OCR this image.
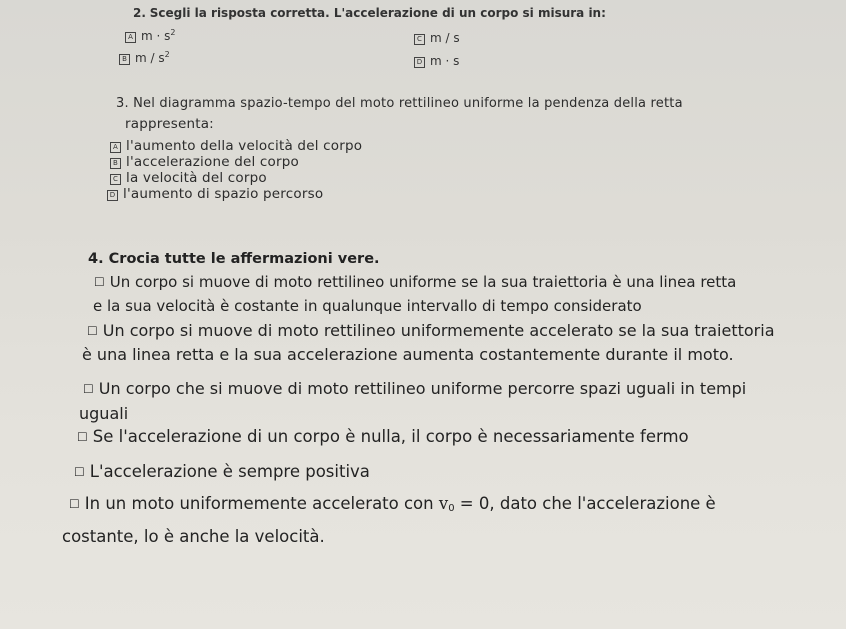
2. Scegli la risposta corretta. L'accelerazione di un corpo si misura in:
A $m \cdot s^2$
C m / s
B m / $s^2$
D m · s
3. Nel diagramma spazio-tempo del moto rettilineo uniforme la pendenza della retta
rappresenta:
A l'aumento della velocità del corpo
B l'accelerazione del corpo
C la velocità del corpo
D l'aumento di spazio percorso
4. Crocia tutte le affermazioni vere.
☐ Un corpo si muove di moto rettilineo uniforme se la sua traiettoria è una linea retta
e la sua velocità è costante in qualunque intervallo di tempo considerato
☐ Un corpo si muove di moto rettilineo uniformemente accelerato se la sua traiettoria
è una linea retta e la sua accelerazione aumenta costantemente durante il moto.
☐ Un corpo che si muove di moto rettilineo uniforme percorre spazi uguali in tempi
uguali
☐ Se l'accelerazione di un corpo è nulla, il corpo è necessariamente fermo
☐ L'accelerazione è sempre positiva
☐ In un moto uniformemente accelerato con $v_0 = 0$, dato che l'accelerazione è
costante, lo è anche la velocità.
